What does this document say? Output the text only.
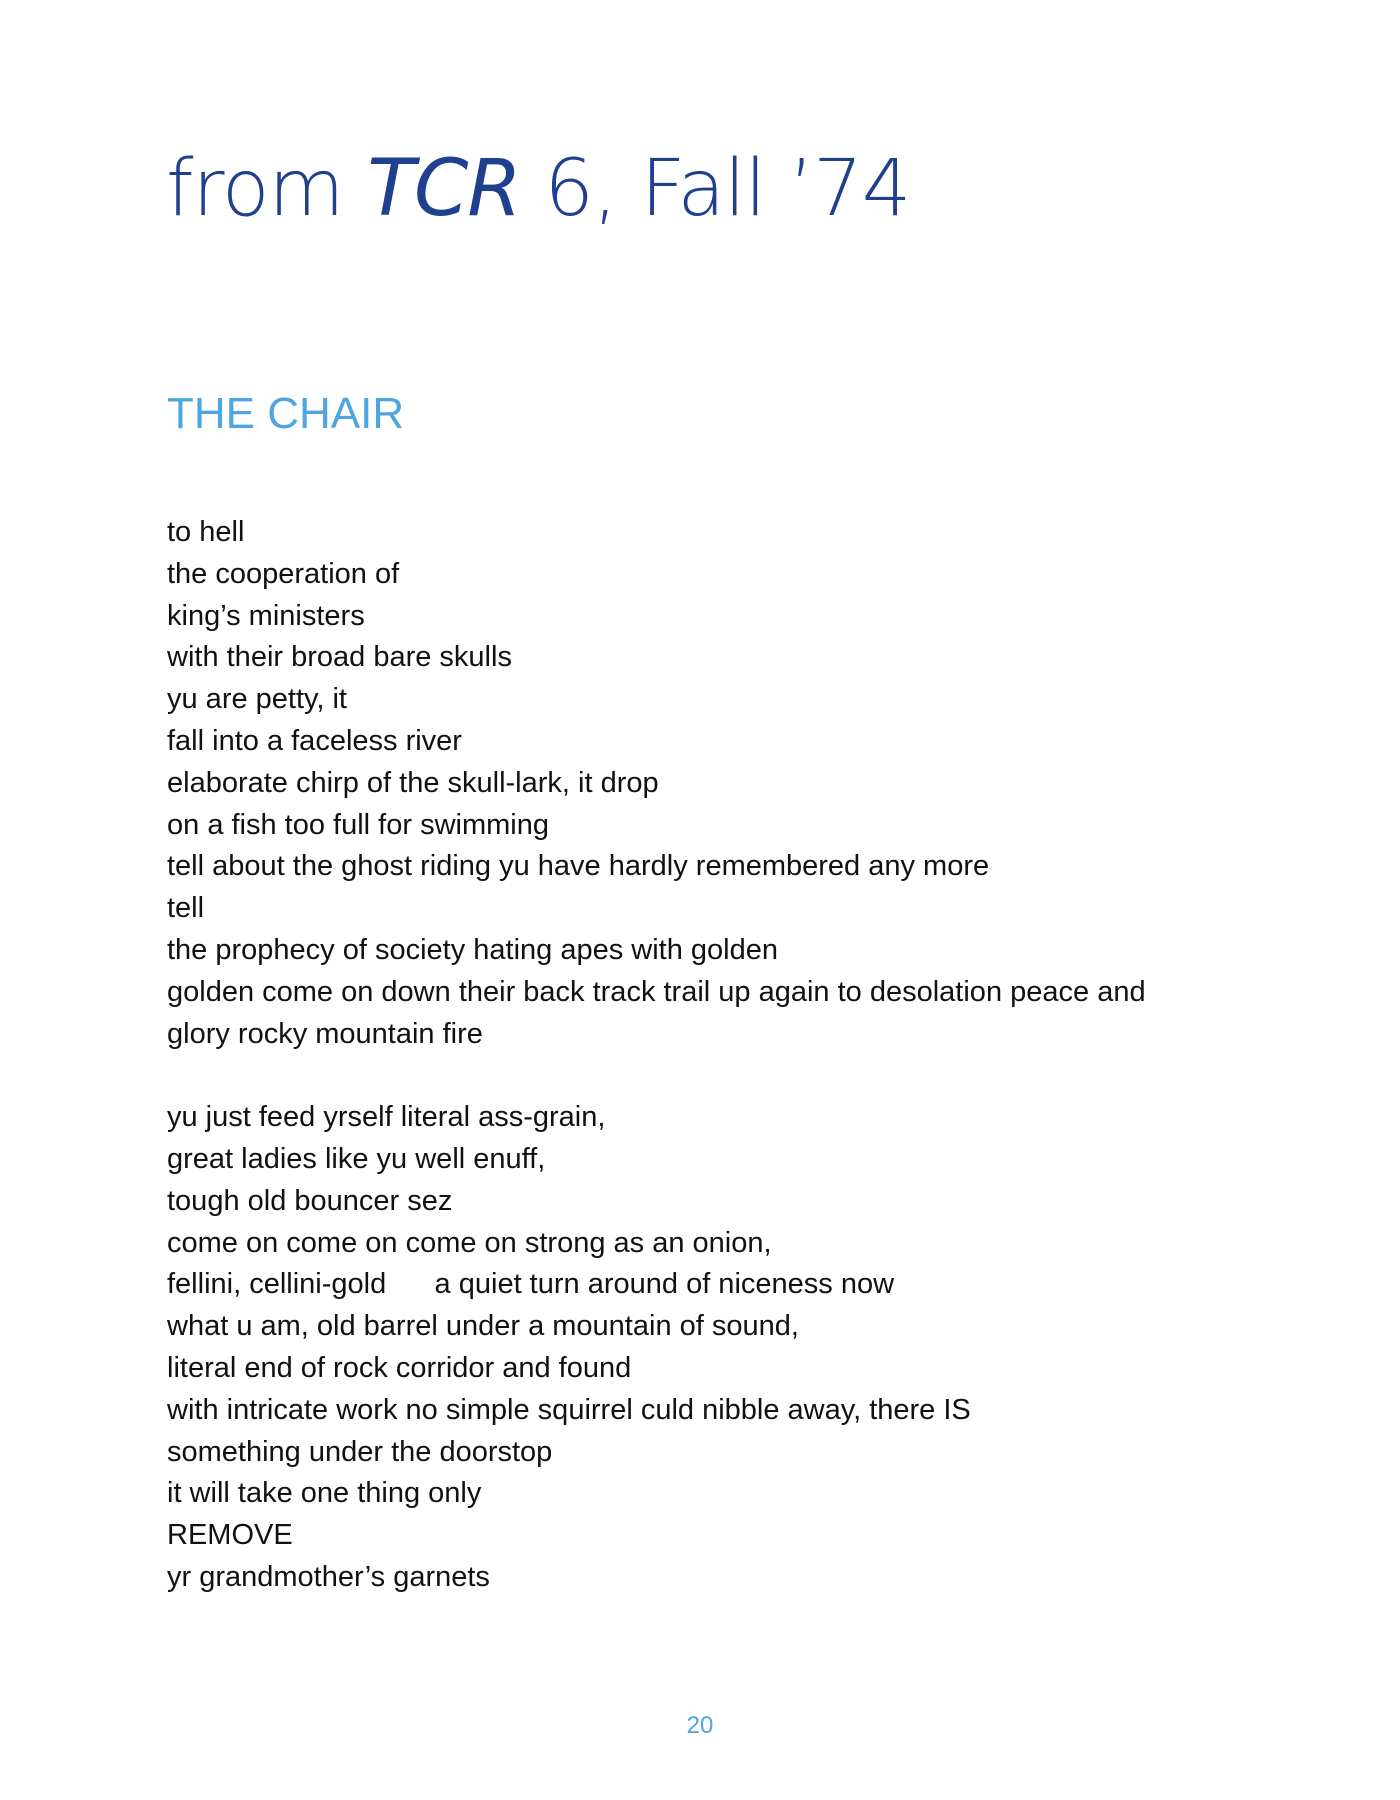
from TCR 6, Fall ’74
THE CHAIR

to hell
the cooperation of
king’s ministers
with their broad bare skulls
yu are petty, it
fall into a faceless river
elaborate chirp of the skull-lark, it drop
on a fish too full for swimming
tell about the ghost riding yu have hardly remembered any more
tell
the prophecy of society hating apes with golden
golden come on down their back track trail up again to desolation peace and
glory rocky mountain fire

yu just feed yrself literal ass-grain,
great ladies like yu well enuff,
tough old bouncer sez
come on come on come on strong as an onion,
fellini, cellini-gold      a quiet turn around of niceness now
what u am, old barrel under a mountain of sound,
literal end of rock corridor and found
with intricate work no simple squirrel culd nibble away, there IS
something under the doorstop
it will take one thing only
REMOVE
yr grandmother’s garnets

20
